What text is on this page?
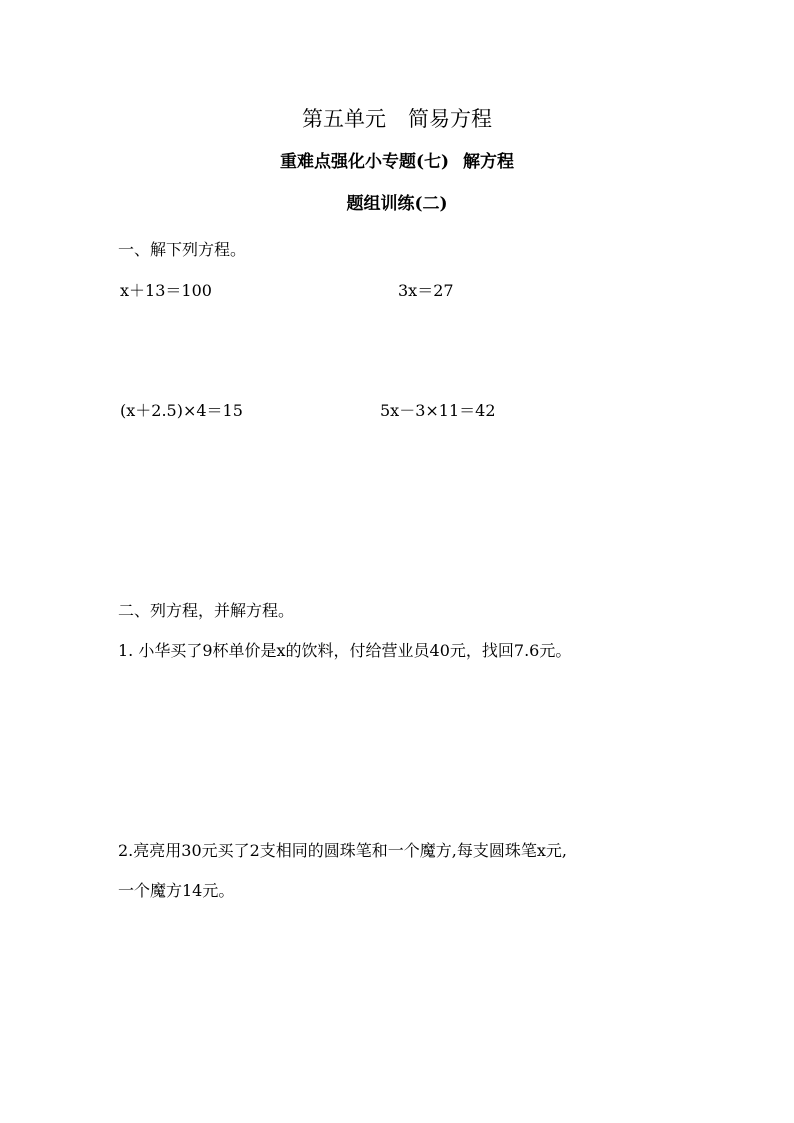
第五单元 简易方程
重难点强化小专题(七) 解方程
题组训练(二)
一、解下列方程。
x＋13＝100	3x＝27
(x＋2.5)×4＝15	5x－3×11＝42
二、列方程，并解方程。
1. 小华买了9杯单价是x的饮料，付给营业员40元，找回7.6元。
2.亮亮用30元买了2支相同的圆珠笔和一个魔方,每支圆珠笔x元,
一个魔方14元。
